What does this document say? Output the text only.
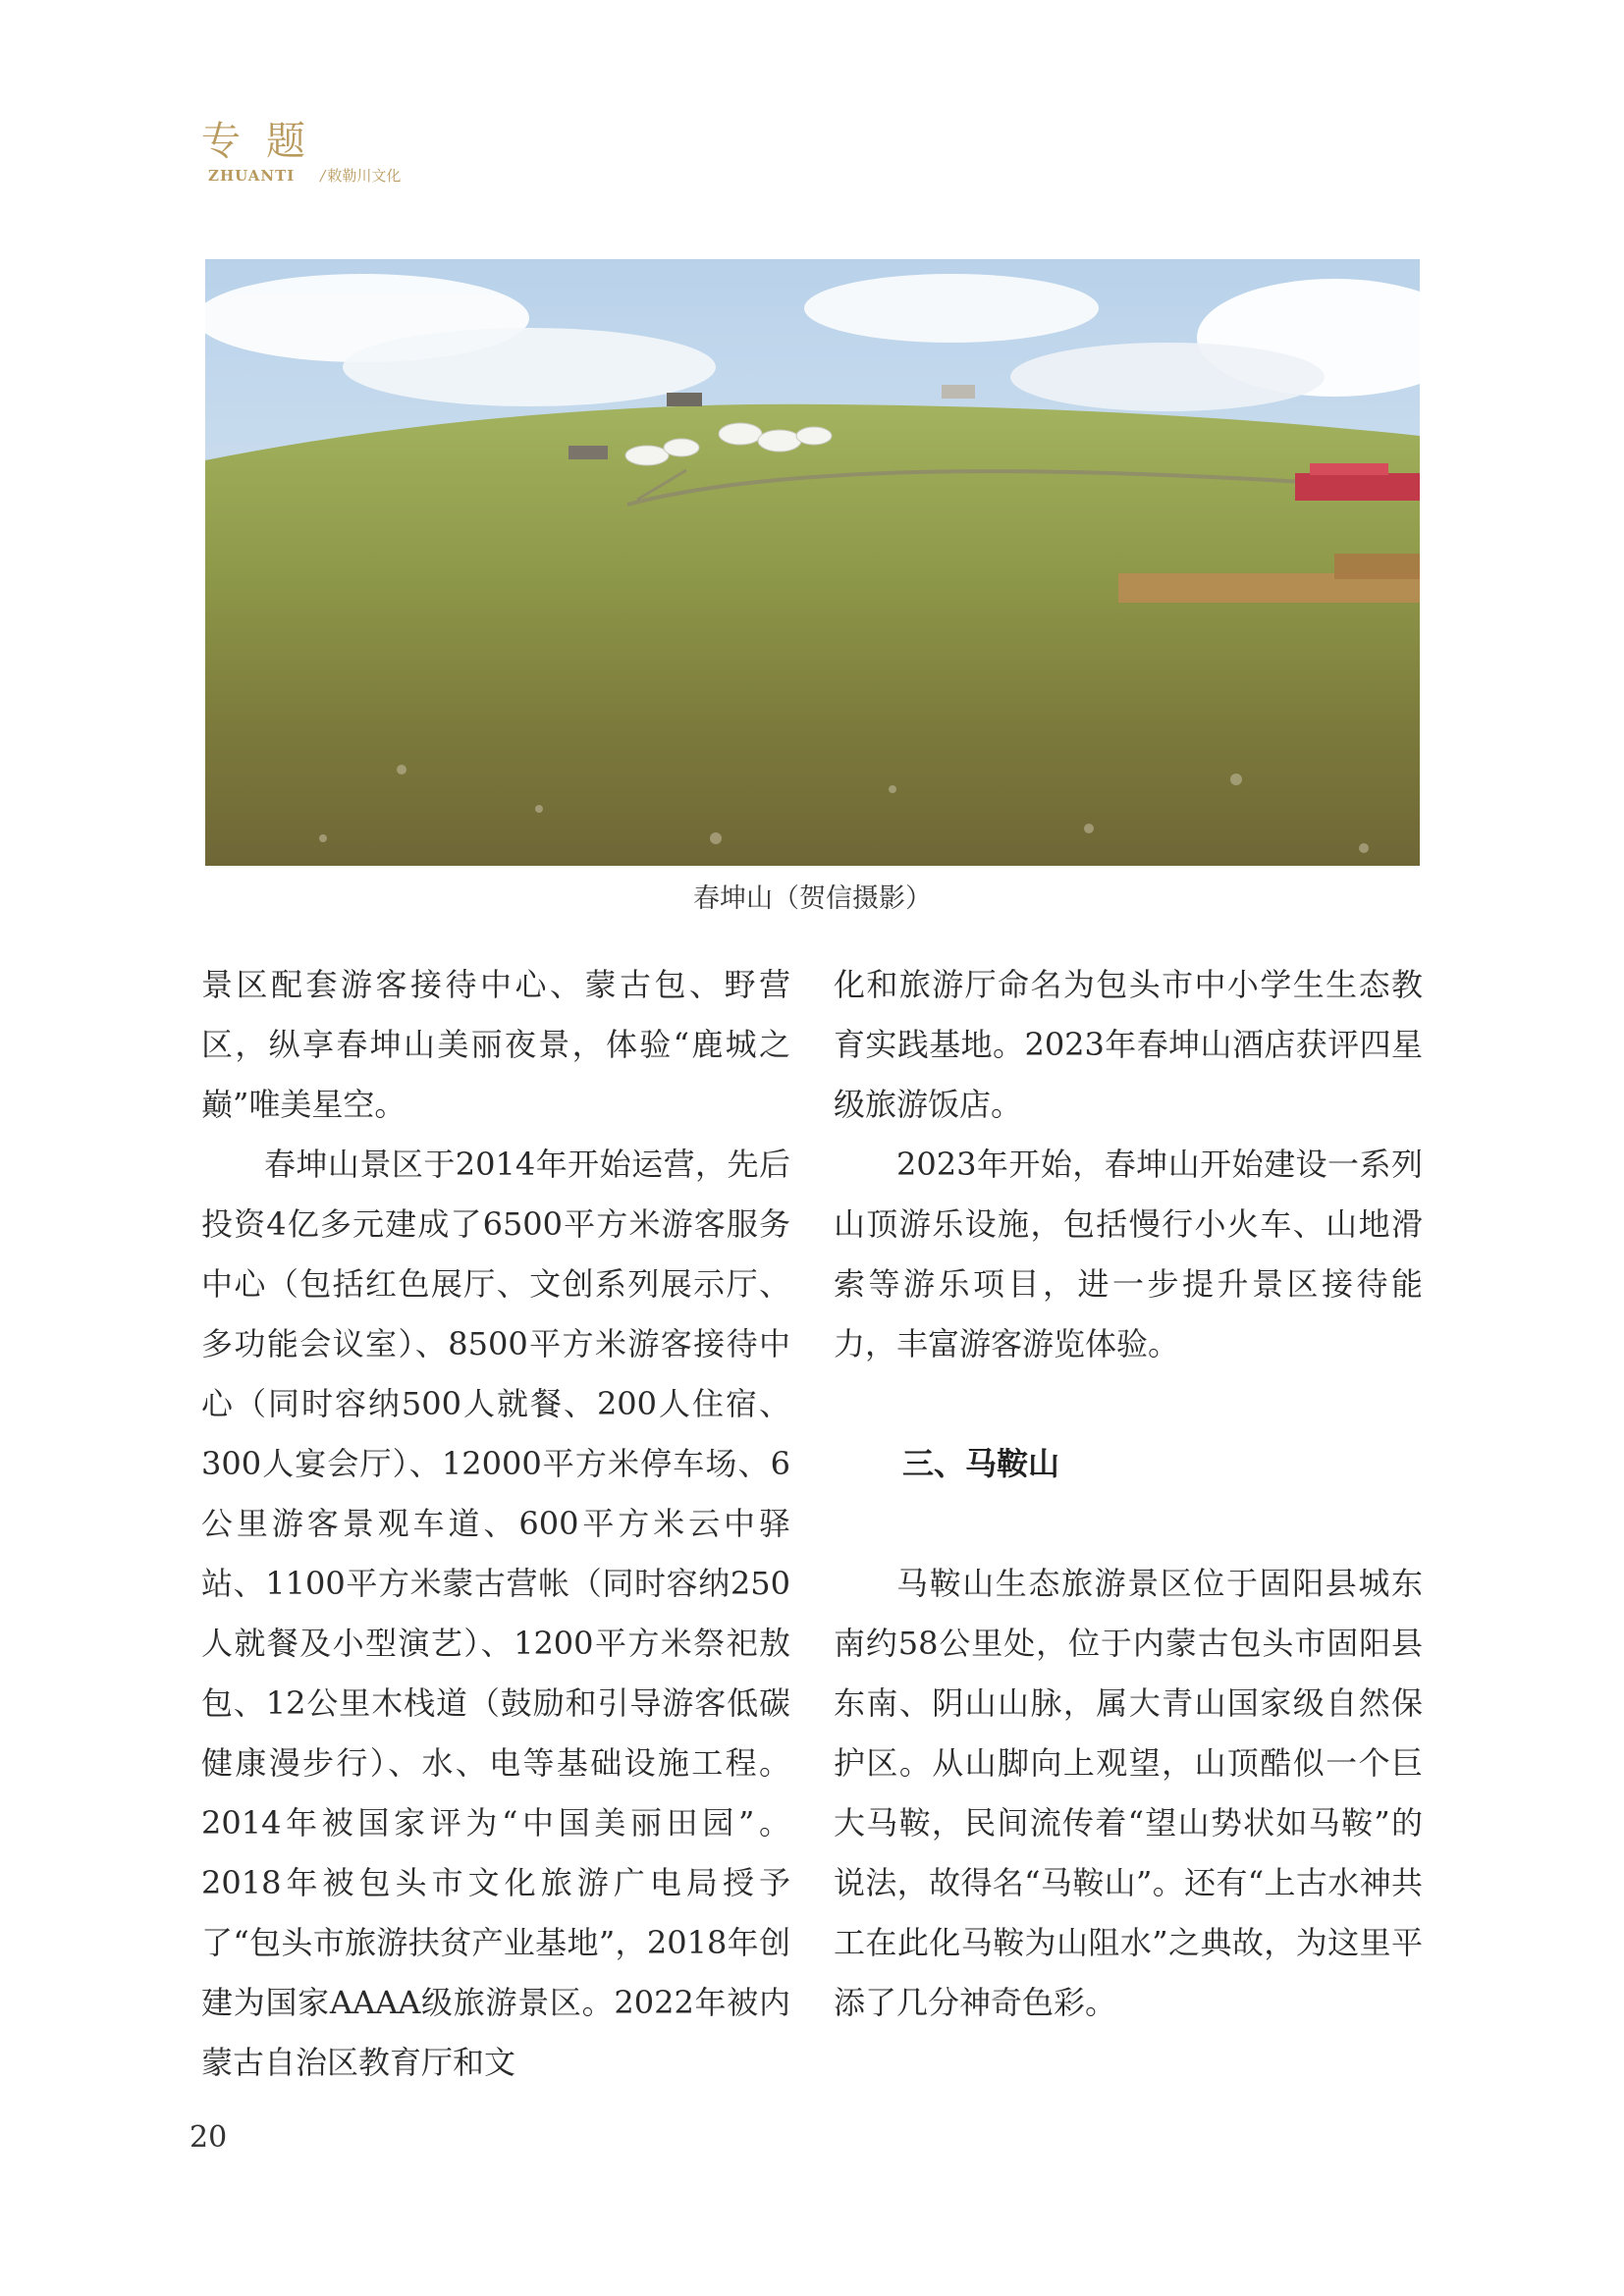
专题
ZHUANTI / 敕勒川文化
春坤山（贺信摄影）

景区配套游客接待中心、蒙古包、野营区，纵享春坤山美丽夜景，体验“鹿城之巅”唯美星空。

春坤山景区于2014年开始运营，先后投资4亿多元建成了6500平方米游客服务中心（包括红色展厅、文创系列展示厅、多功能会议室）、8500平方米游客接待中心（同时容纳500人就餐、200人住宿、300人宴会厅）、12000平方米停车场、6公里游客景观车道、600平方米云中驿站、1100平方米蒙古营帐（同时容纳250人就餐及小型演艺）、1200平方米祭祀敖包、12公里木栈道（鼓励和引导游客低碳健康漫步行）、水、电等基础设施工程。2014年被国家评为“中国美丽田园”。2018年被包头市文化旅游广电局授予了“包头市旅游扶贫产业基地”，2018年创建为国家AAAA级旅游景区。2022年被内蒙古自治区教育厅和文

化和旅游厅命名为包头市中小学生生态教育实践基地。2023年春坤山酒店获评四星级旅游饭店。

2023年开始，春坤山开始建设一系列山顶游乐设施，包括慢行小火车、山地滑索等游乐项目，进一步提升景区接待能力，丰富游客游览体验。

三、马鞍山

马鞍山生态旅游景区位于固阳县城东南约58公里处，位于内蒙古包头市固阳县东南、阴山山脉，属大青山国家级自然保护区。从山脚向上观望，山顶酷似一个巨大马鞍，民间流传着“望山势状如马鞍”的说法，故得名“马鞍山”。还有“上古水神共工在此化马鞍为山阻水”之典故，为这里平添了几分神奇色彩。

20
